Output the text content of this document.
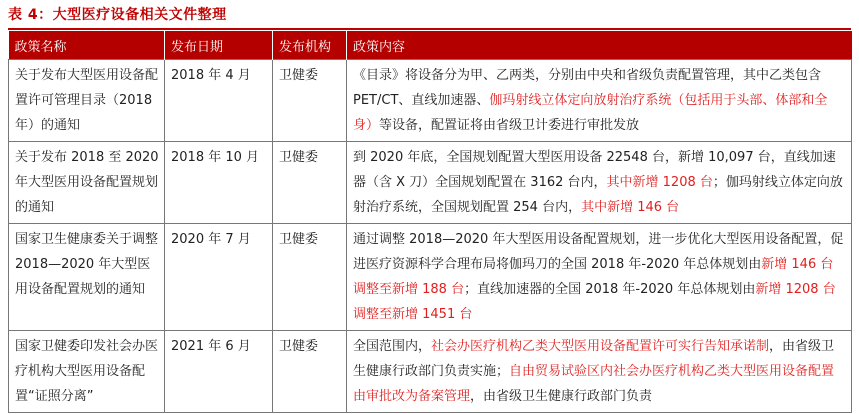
表 4：大型医疗设备相关文件整理
政策名称	发布日期	发布机构	政策内容
关于发布大型医用设备配置许可管理目录（2018 年）的通知	2018 年 4 月	卫健委	《目录》将设备分为甲、乙两类，分别由中央和省级负责配置管理，其中乙类包含 PET/CT、直线加速器、伽玛射线立体定向放射治疗系统（包括用于头部、体部和全身）等设备，配置证将由省级卫计委进行审批发放
关于发布 2018 至 2020 年大型医用设备配置规划的通知	2018 年 10 月	卫健委	到 2020 年底，全国规划配置大型医用设备 22548 台，新增 10,097 台，直线加速器（含 X 刀）全国规划配置在 3162 台内，其中新增 1208 台；伽玛射线立体定向放射治疗系统，全国规划配置 254 台内，其中新增 146 台
国家卫生健康委关于调整 2018—2020 年大型医用设备配置规划的通知	2020 年 7 月	卫健委	通过调整 2018—2020 年大型医用设备配置规划，进一步优化大型医用设备配置，促进医疗资源科学合理布局将伽玛刀的全国 2018 年-2020 年总体规划由新增 146 台调整至新增 188 台；直线加速器的全国 2018 年-2020 年总体规划由新增 1208 台调整至新增 1451 台
国家卫健委印发社会办医疗机构大型医用设备配置“证照分离”	2021 年 6 月	卫健委	全国范围内，社会办医疗机构乙类大型医用设备配置许可实行告知承诺制，由省级卫生健康行政部门负责实施；自由贸易试验区内社会办医疗机构乙类大型医用设备配置由审批改为备案管理，由省级卫生健康行政部门负责
